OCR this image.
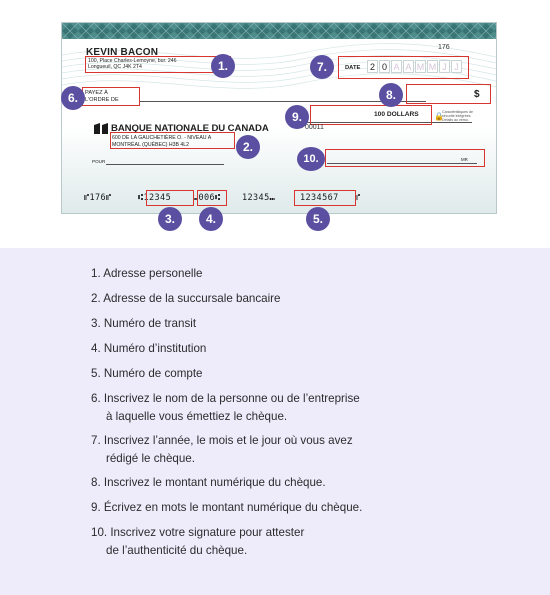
KEVIN BACON
100, Place Charles-Lemoyne, bur. 246
Longueuil, QC J4K 2T4
176
PAYEZ À
L'ORDRE DE
DATE	2 0 A A M M J J
$
100 DOLLARS 🔒
Caractéristiques de
sécurité intégrées.
Détails au verso.
BANQUE NATIONALE DU CANADA
600 DE LA GAUCHETIÈRE O. - NIVEAU A
MONTRÉAL (QUÉBEC) H3B 4L2
00011
POUR	MR
⑈176⑈	⑆12345	⑉006⑆	12345⑉	1234567 ⑈
1.
2.
3.	4.	5.
6.
7.
8.
9.
10.
1. Adresse personelle
2. Adresse de la succursale bancaire
3. Numéro de transit
4. Numéro d’institution
5. Numéro de compte
6. Inscrivez le nom de la personne ou de l’entreprise
à laquelle vous émettiez le chèque.
7. Inscrivez l’année, le mois et le jour où vous avez
rédigé le chèque.
8. Inscrivez le montant numérique du chèque.
9. Écrivez en mots le montant numérique du chèque.
10. Inscrivez votre signature pour attester
de l’authenticité du chèque.
